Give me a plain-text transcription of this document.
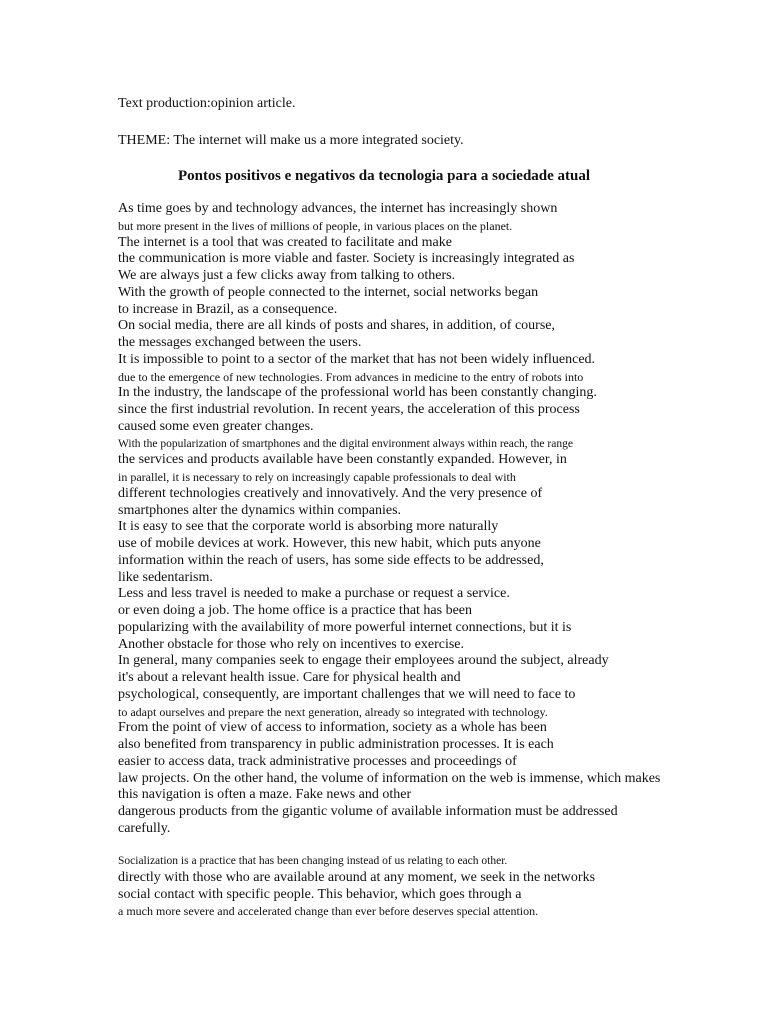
Text production:opinion article.
THEME: The internet will make us a more integrated society.
Pontos positivos e negativos da tecnologia para a sociedade atual
As time goes by and technology advances, the internet has increasingly shown
but more present in the lives of millions of people, in various places on the planet.
The internet is a tool that was created to facilitate and make
the communication is more viable and faster. Society is increasingly integrated as
We are always just a few clicks away from talking to others.
With the growth of people connected to the internet, social networks began
to increase in Brazil, as a consequence.
On social media, there are all kinds of posts and shares, in addition, of course,
the messages exchanged between the users.
It is impossible to point to a sector of the market that has not been widely influenced.
due to the emergence of new technologies. From advances in medicine to the entry of robots into
In the industry, the landscape of the professional world has been constantly changing.
since the first industrial revolution. In recent years, the acceleration of this process
caused some even greater changes.
With the popularization of smartphones and the digital environment always within reach, the range
the services and products available have been constantly expanded. However, in
in parallel, it is necessary to rely on increasingly capable professionals to deal with
different technologies creatively and innovatively. And the very presence of
smartphones alter the dynamics within companies.
It is easy to see that the corporate world is absorbing more naturally
use of mobile devices at work. However, this new habit, which puts anyone
information within the reach of users, has some side effects to be addressed,
like sedentarism.
Less and less travel is needed to make a purchase or request a service.
or even doing a job. The home office is a practice that has been
popularizing with the availability of more powerful internet connections, but it is
Another obstacle for those who rely on incentives to exercise.
In general, many companies seek to engage their employees around the subject, already
it's about a relevant health issue. Care for physical health and
psychological, consequently, are important challenges that we will need to face to
to adapt ourselves and prepare the next generation, already so integrated with technology.
From the point of view of access to information, society as a whole has been
also benefited from transparency in public administration processes. It is each
easier to access data, track administrative processes and proceedings of
law projects. On the other hand, the volume of information on the web is immense, which makes
this navigation is often a maze. Fake news and other
dangerous products from the gigantic volume of available information must be addressed
carefully.
Socialization is a practice that has been changing instead of us relating to each other.
directly with those who are available around at any moment, we seek in the networks
social contact with specific people. This behavior, which goes through a
a much more severe and accelerated change than ever before deserves special attention.
